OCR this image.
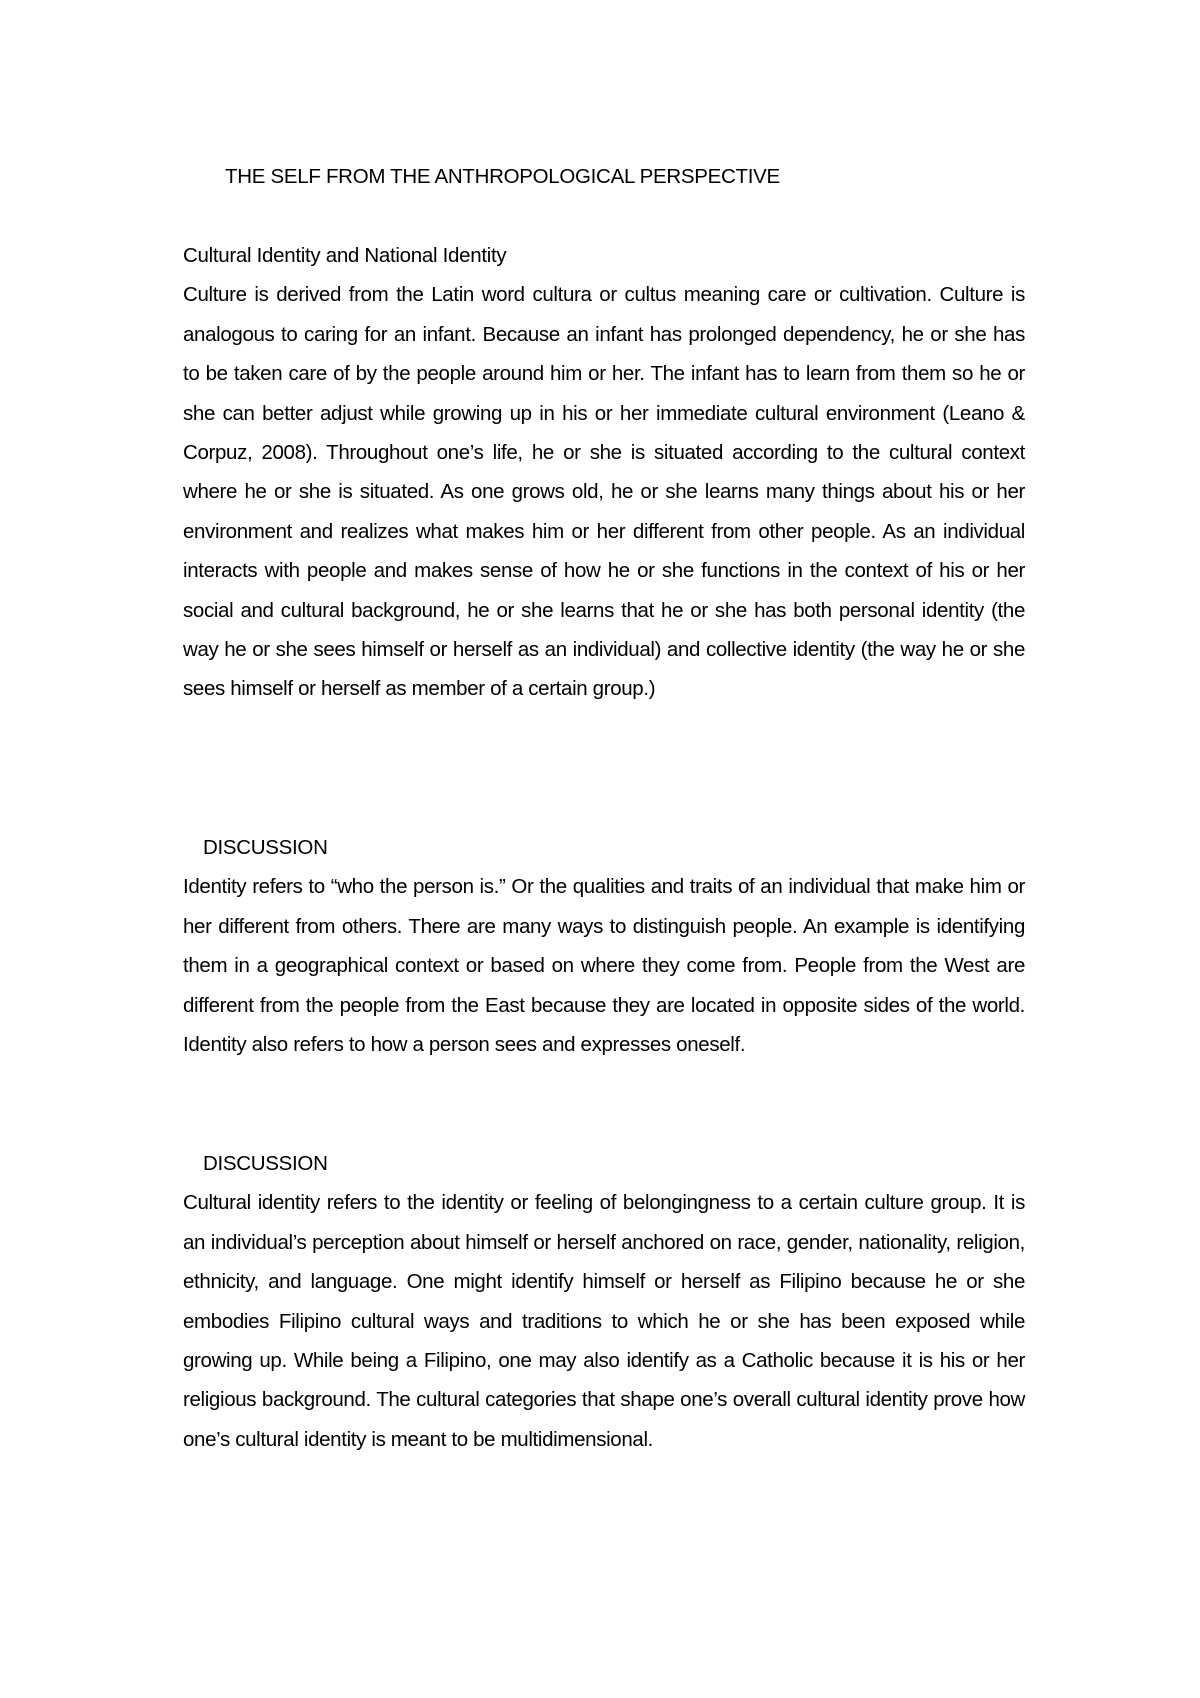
THE SELF FROM THE ANTHROPOLOGICAL PERSPECTIVE
Cultural Identity and National Identity

Culture is derived from the Latin word cultura or cultus meaning care or cultivation. Culture is analogous to caring for an infant. Because an infant has prolonged dependency, he or she has to be taken care of by the people around him or her. The infant has to learn from them so he or she can better adjust while growing up in his or her immediate cultural environment (Leano & Corpuz, 2008). Throughout one’s life, he or she is situated according to the cultural context where he or she is situated. As one grows old, he or she learns many things about his or her environment and realizes what makes him or her different from other people. As an individual interacts with people and makes sense of how he or she functions in the context of his or her social and cultural background, he or she learns that he or she has both personal identity (the way he or she sees himself or herself as an individual) and collective identity (the way he or she sees himself or herself as member of a certain group.)

DISCUSSION

Identity refers to “who the person is.” Or the qualities and traits of an individual that make him or her different from others. There are many ways to distinguish people. An example is identifying them in a geographical context or based on where they come from. People from the West are different from the people from the East because they are located in opposite sides of the world. Identity also refers to how a person sees and expresses oneself.

DISCUSSION

Cultural identity refers to the identity or feeling of belongingness to a certain culture group. It is an individual’s perception about himself or herself anchored on race, gender, nationality, religion, ethnicity, and language. One might identify himself or herself as Filipino because he or she embodies Filipino cultural ways and traditions to which he or she has been exposed while growing up. While being a Filipino, one may also identify as a Catholic because it is his or her religious background. The cultural categories that shape one’s overall cultural identity prove how one’s cultural identity is meant to be multidimensional.
